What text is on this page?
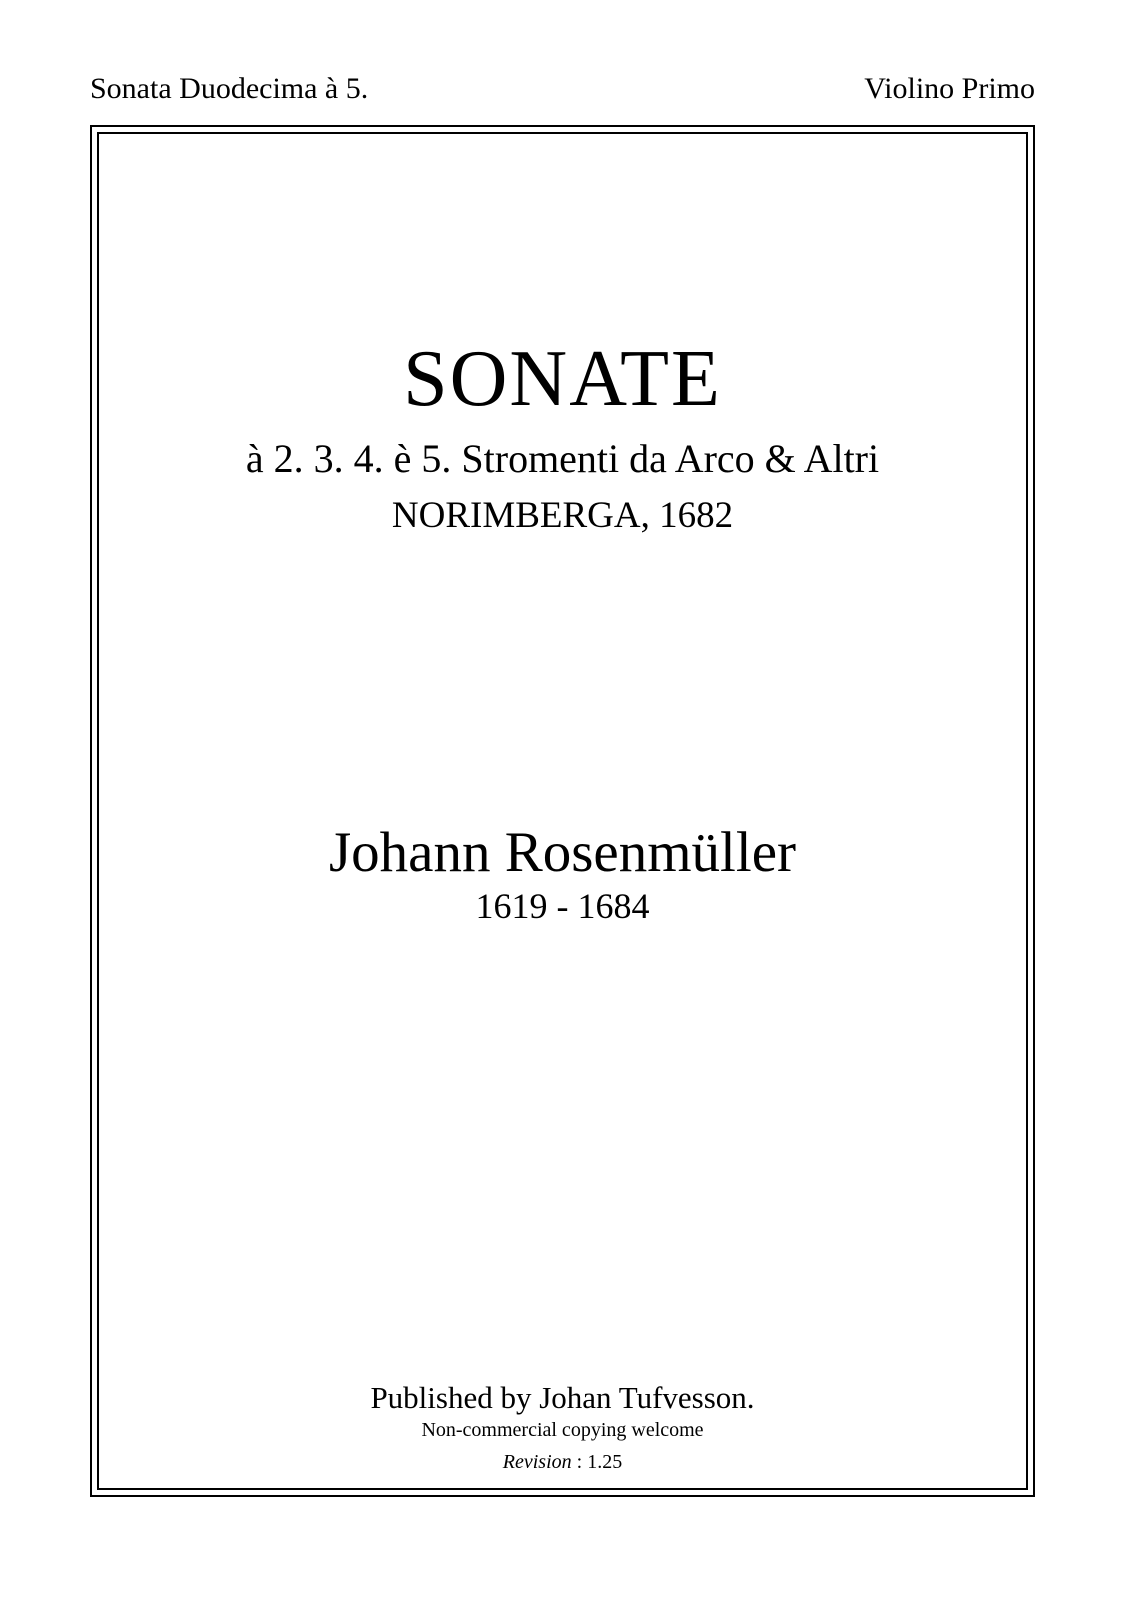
Sonata Duodecima à 5.	Violino Primo
SONATE
à 2. 3. 4. è 5. Stromenti da Arco & Altri
NORIMBERGA, 1682
Johann Rosenmüller
1619 - 1684
Published by Johan Tufvesson.
Non-commercial copying welcome
Revision : 1.25
